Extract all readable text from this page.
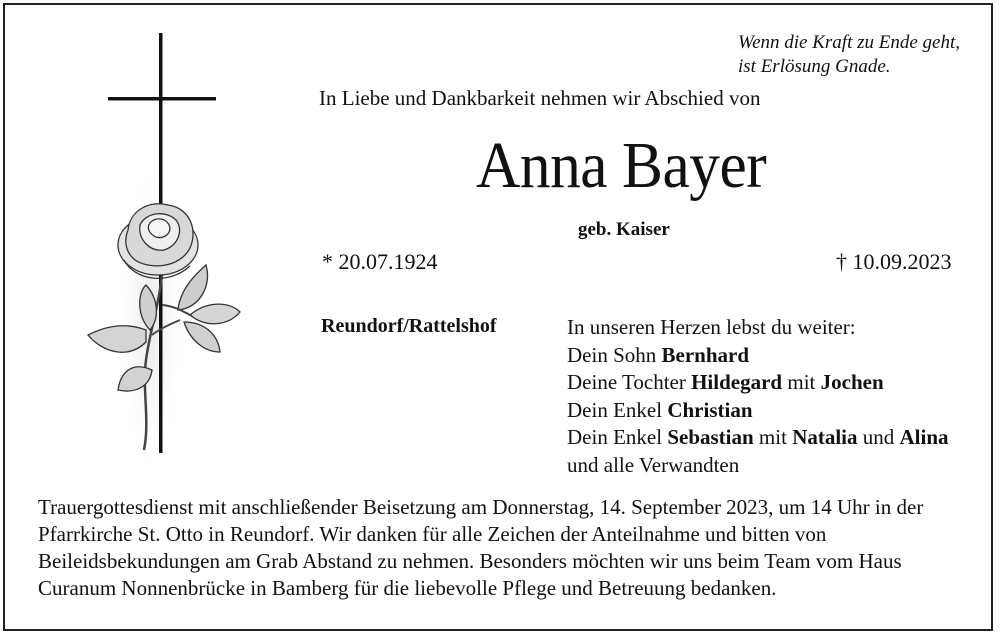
Wenn die Kraft zu Ende geht,
ist Erlösung Gnade.
In Liebe und Dankbarkeit nehmen wir Abschied von
Anna Bayer
geb. Kaiser
* 20.07.1924	† 10.09.2023
Reundorf/Rattelshof	In unseren Herzen lebst du weiter:
Dein Sohn Bernhard
Deine Tochter Hildegard mit Jochen
Dein Enkel Christian
Dein Enkel Sebastian mit Natalia und Alina
und alle Verwandten
Trauergottesdienst mit anschließender Beisetzung am Donnerstag, 14. September 2023, um 14 Uhr in der
Pfarrkirche St. Otto in Reundorf. Wir danken für alle Zeichen der Anteilnahme und bitten von
Beileidsbekundungen am Grab Abstand zu nehmen. Besonders möchten wir uns beim Team vom Haus
Curanum Nonnenbrücke in Bamberg für die liebevolle Pflege und Betreuung bedanken.
